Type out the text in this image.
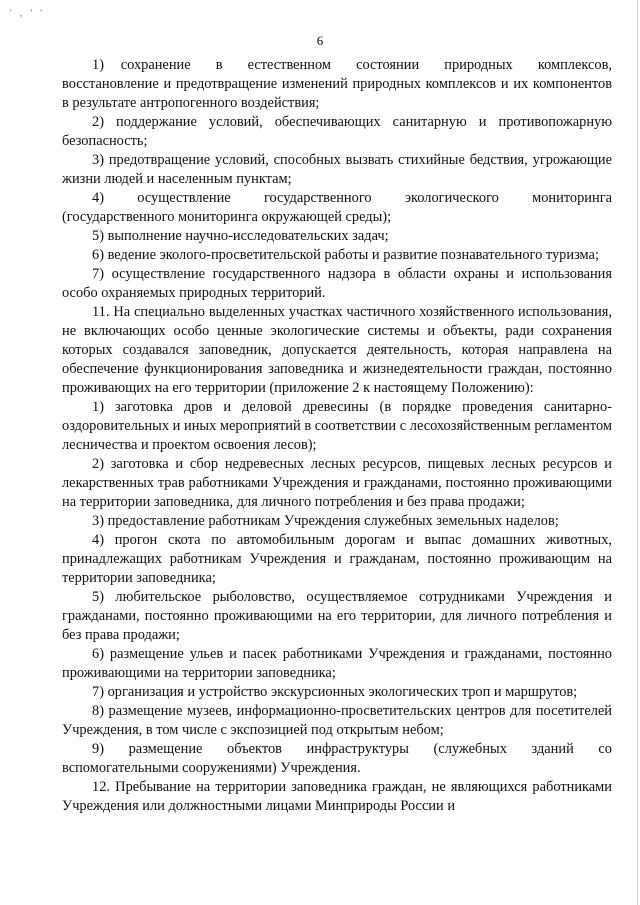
' , ' '
6

1)  сохранение   в   естественном   состоянии   природных   комплексов, восстановление и предотвращение изменений природных комплексов и их компонентов в результате антропогенного воздействия;

2) поддержание условий, обеспечивающих санитарную и противопожарную безопасность;

3) предотвращение условий, способных вызвать стихийные бедствия, угрожающие жизни людей и населенным пунктам;

4)   осуществление   государственного   экологического   мониторинга (государственного мониторинга окружающей среды);

5) выполнение научно-исследовательских задач;

6) ведение эколого-просветительской работы и развитие познавательного туризма;

7) осуществление государственного надзора в области охраны и использования особо охраняемых природных территорий.

11. На специально выделенных участках частичного хозяйственного использования, не включающих особо ценные экологические системы и объекты, ради сохранения которых создавался заповедник, допускается деятельность, которая направлена на обеспечение функционирования заповедника и жизнедеятельности граждан, постоянно проживающих на его территории (приложение 2 к настоящему Положению):

1) заготовка дров и деловой древесины (в порядке проведения санитарно-оздоровительных и иных мероприятий в соответствии с лесохозяйственным регламентом лесничества и проектом освоения лесов);

2) заготовка и сбор недревесных лесных ресурсов, пищевых лесных ресурсов и лекарственных трав работниками Учреждения и гражданами, постоянно проживающими на территории заповедника, для личного потребления и без права продажи;

3) предоставление работникам Учреждения служебных земельных наделов;

4) прогон скота по автомобильным дорогам и выпас домашних животных, принадлежащих работникам Учреждения и гражданам, постоянно проживающим на территории заповедника;

5) любительское рыболовство, осуществляемое сотрудниками Учреждения и гражданами, постоянно проживающими на его территории, для личного потребления и без права продажи;

6) размещение ульев и пасек работниками Учреждения и гражданами, постоянно проживающими на территории заповедника;

7) организация и устройство экскурсионных экологических троп и маршрутов;

8) размещение музеев, информационно-просветительских центров для посетителей Учреждения, в том числе с экспозицией под открытым небом;

9)   размещение   объектов   инфраструктуры   (служебных   зданий   со вспомогательными сооружениями) Учреждения.

12. Пребывание на территории заповедника граждан, не являющихся работниками Учреждения или должностными лицами Минприроды России и
